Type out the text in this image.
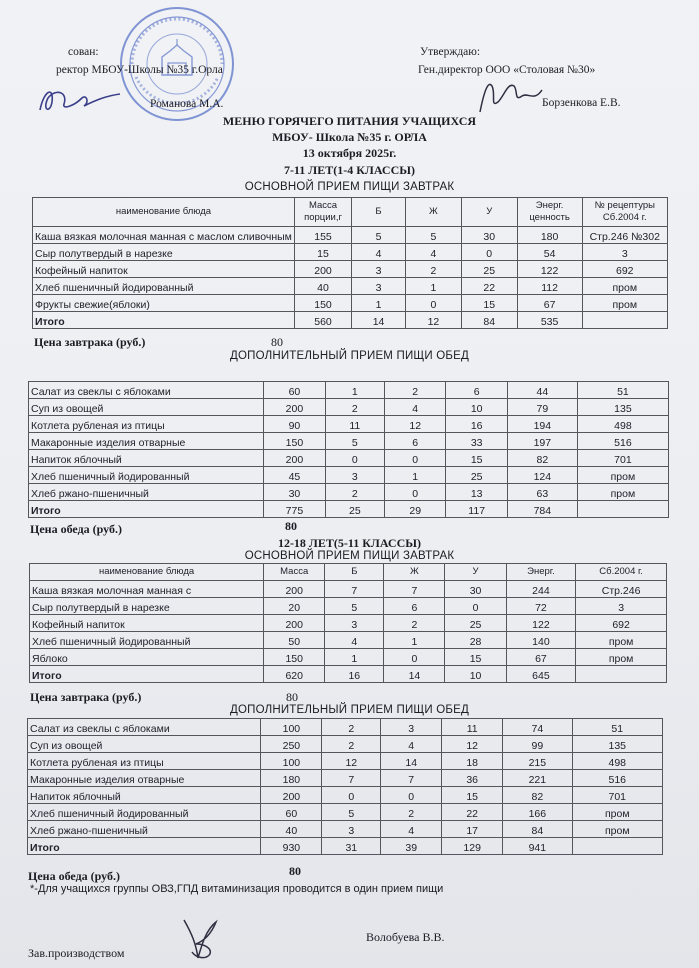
сован:
ректор МБОУ-Школы №35 г.Орла
Романова М.А.
Утверждаю:
Ген.директор ООО «Столовая №30»
Борзенкова Е.В.
МЕНЮ ГОРЯЧЕГО ПИТАНИЯ УЧАЩИХСЯ
МБОУ- Школа №35 г. ОРЛА
13 октября 2025г.
7-11 ЛЕТ(1-4 КЛАССЫ)
ОСНОВНОЙ ПРИЕМ ПИЩИ ЗАВТРАК
наименование блюда	Масса порции,г	Б	Ж	У	Энерг. ценность	№ рецептуры Сб.2004 г.
Каша вязкая молочная манная с маслом сливочным	155	5	5	30	180	Стр.246 №302
Сыр полутвердый в нарезке	15	4	4	0	54	3
Кофейный напиток	200	3	2	25	122	692
Хлеб пшеничный йодированный	40	3	1	22	112	пром
Фрукты свежие(яблоки)	150	1	0	15	67	пром
Итого	560	14	12	84	535	
Цена завтрака (руб.)	80
ДОПОЛНИТЕЛЬНЫЙ ПРИЕМ ПИЩИ ОБЕД
Салат из свеклы с яблоками	60	1	2	6	44	51
Суп из овощей	200	2	4	10	79	135
Котлета рубленая из птицы	90	11	12	16	194	498
Макаронные изделия отварные	150	5	6	33	197	516
Напиток яблочный	200	0	0	15	82	701
Хлеб пшеничный йодированный	45	3	1	25	124	пром
Хлеб ржано-пшеничный	30	2	0	13	63	пром
Итого	775	25	29	117	784	
Цена обеда (руб.)	80
12-18 ЛЕТ(5-11 КЛАССЫ)
ОСНОВНОЙ ПРИЕМ ПИЩИ ЗАВТРАК
наименование блюда	Масса	Б	Ж	У	Энерг.	Сб.2004 г.
Каша вязкая молочная манная с	200	7	7	30	244	Стр.246
Сыр полутвердый в нарезке	20	5	6	0	72	3
Кофейный напиток	200	3	2	25	122	692
Хлеб пшеничный йодированный	50	4	1	28	140	пром
Яблоко	150	1	0	15	67	пром
Итого	620	16	14	10	645	
Цена завтрака (руб.)	80
ДОПОЛНИТЕЛЬНЫЙ ПРИЕМ ПИЩИ ОБЕД
Салат из свеклы с яблоками	100	2	3	11	74	51
Суп из овощей	250	2	4	12	99	135
Котлета рубленая из птицы	100	12	14	18	215	498
Макаронные изделия отварные	180	7	7	36	221	516
Напиток яблочный	200	0	0	15	82	701
Хлеб пшеничный йодированный	60	5	2	22	166	пром
Хлеб ржано-пшеничный	40	3	4	17	84	пром
Итого	930	31	39	129	941	
Цена обеда (руб.)	80
*-Для учащихся группы ОВЗ,ГПД витаминизация проводится в один прием пищи
Волобуева В.В.
Зав.производством
